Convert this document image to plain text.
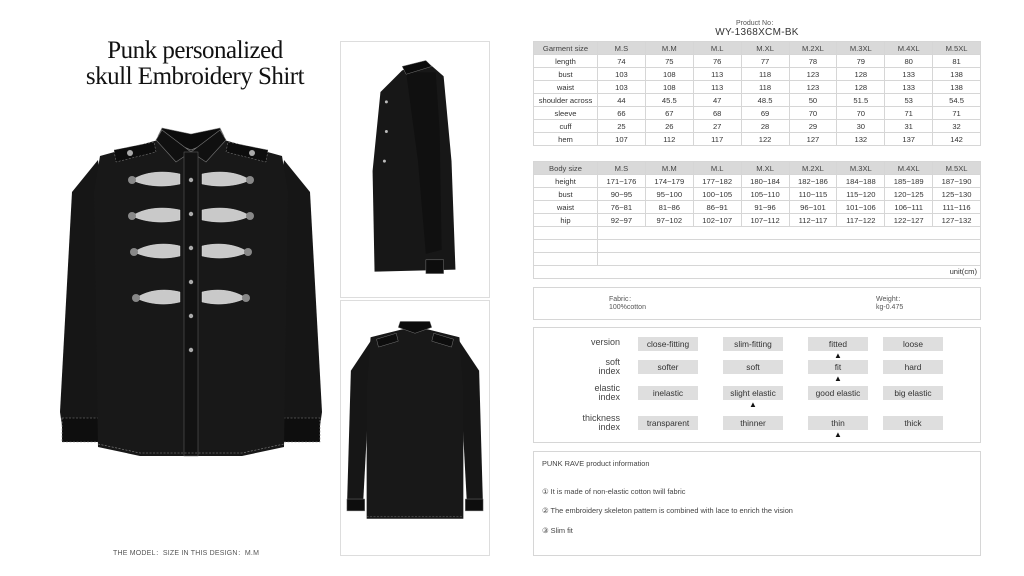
Punk personalized
skull Embroidery Shirt
THE MODEL：SIZE IN THIS DESIGN：M.M
Product No：
WY-1368XCM-BK
Garment size	M.S	M.M	M.L	M.XL	M.2XL	M.3XL	M.4XL	M.5XL
length	74	75	76	77	78	79	80	81
bust	103	108	113	118	123	128	133	138
waist	103	108	113	118	123	128	133	138
shoulder across	44	45.5	47	48.5	50	51.5	53	54.5
sleeve	66	67	68	69	70	70	71	71
cuff	25	26	27	28	29	30	31	32
hem	107	112	117	122	127	132	137	142
Body size	M.S	M.M	M.L	M.XL	M.2XL	M.3XL	M.4XL	M.5XL
height	171~176	174~179	177~182	180~184	182~186	184~188	185~189	187~190
bust	90~95	95~100	100~105	105~110	110~115	115~120	120~125	125~130
waist	76~81	81~86	86~91	91~96	96~101	101~106	106~111	111~116
hip	92~97	97~102	102~107	107~112	112~117	117~122	122~127	127~132

unit(cm)
Fabric：
100%cotton
Weight：
kg-0.475
version	close-fitting	slim-fitting	fitted	loose
▲
soft index	softer	soft	fit	hard
▲
elastic index	inelastic	slight elastic	good elastic	big elastic
▲
thickness index	transparent	thinner	thin	thick
▲
PUNK RAVE product information
① It is made of non-elastic cotton twill fabric
② The embroidery skeleton pattern is combined with lace to enrich the vision
③ Slim fit
